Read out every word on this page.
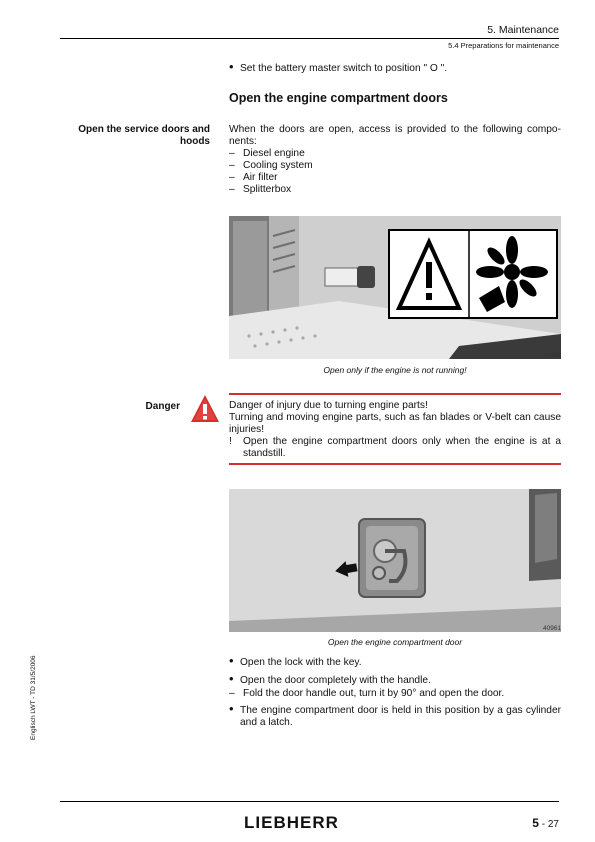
5. Maintenance
5.4 Preparations for maintenance
• Set the battery master switch to position " O ".
Open the engine compartment doors
Open the service doors and hoods
When the doors are open, access is provided to the following compo-nents:
– Diesel engine
– Cooling system
– Air filter
– Splitterbox
40960
Open only if the engine is not running!
Danger	Danger of injury due to turning engine parts!
Turning and moving engine parts, such as fan blades or V-belt can cause injuries!
! Open the engine compartment doors only when the engine is at a standstill.
40961
Open the engine compartment door
• Open the lock with the key.
• Open the door completely with the handle.
– Fold the door handle out, turn it by 90° and open the door.
• The engine compartment door is held in this position by a gas cylinder and a latch.
Englisch LWT - TD 31/5/2006
LIEBHERR	5 - 27
